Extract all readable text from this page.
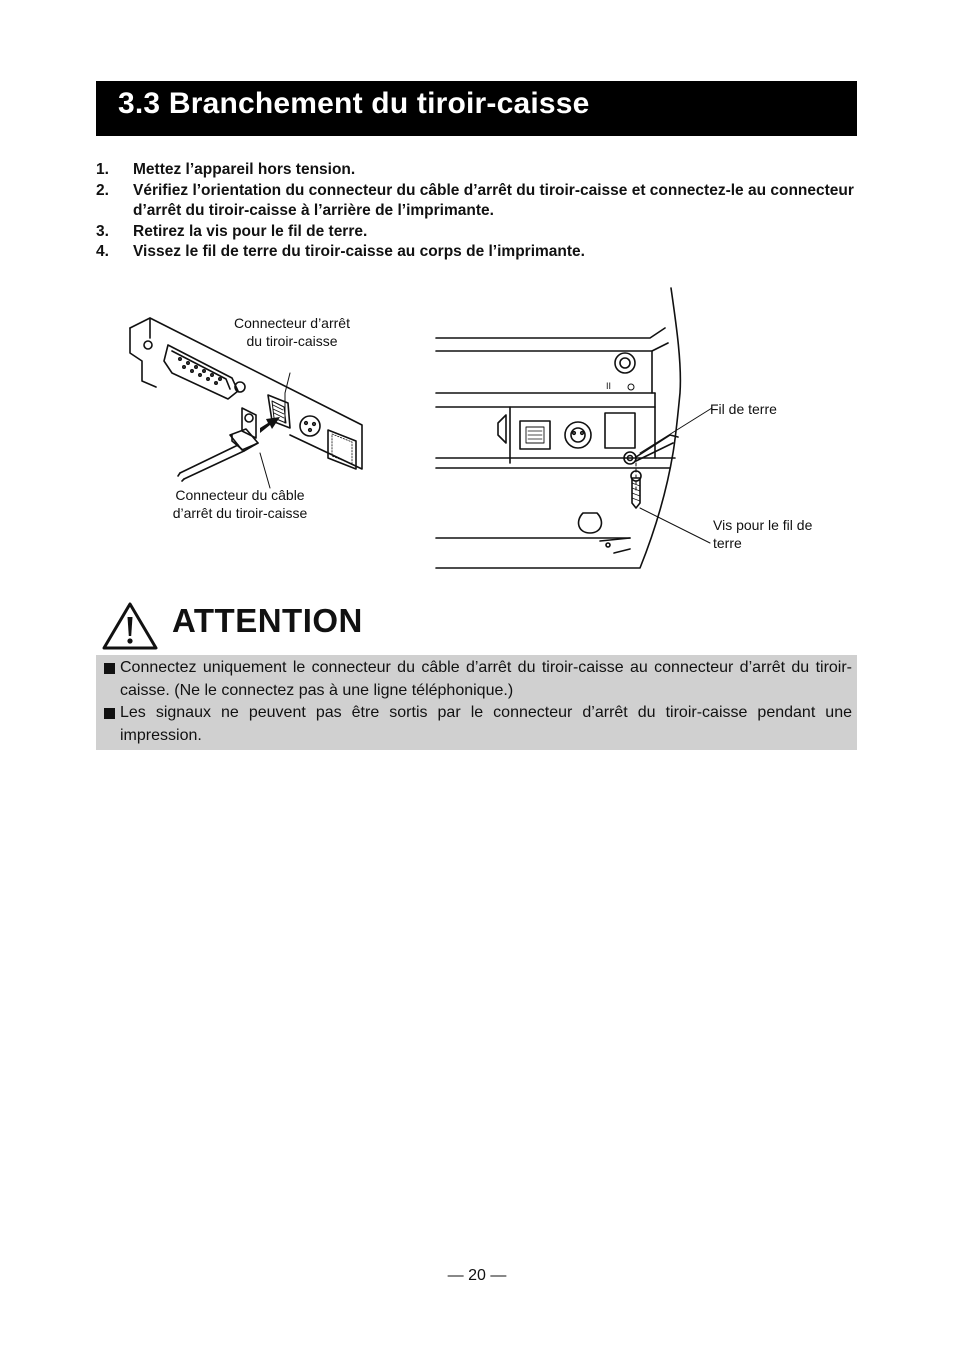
3.3 Branchement du tiroir-caisse
1. Mettez l’appareil hors tension.
2. Vérifiez l’orientation du connecteur du câble d’arrêt du tiroir-caisse et connectez-le au connecteur d’arrêt du tiroir-caisse à l’arrière de l’imprimante.
3. Retirez la vis pour le fil de terre.
4. Vissez le fil de terre du tiroir-caisse au corps de l’imprimante.
II
Connecteur d’arrêt
du tiroir-caisse
Connecteur du câble
d’arrêt du tiroir-caisse
Fil de terre
Vis pour le fil de
terre
ATTENTION
Connectez uniquement le connecteur du câble d’arrêt du tiroir-caisse au connecteur d’arrêt du tiroir-caisse. (Ne le connectez pas à une ligne téléphonique.)
Les signaux ne peuvent pas être sortis par le connecteur d’arrêt du tiroir-caisse pendant une impression.
— 20 —
